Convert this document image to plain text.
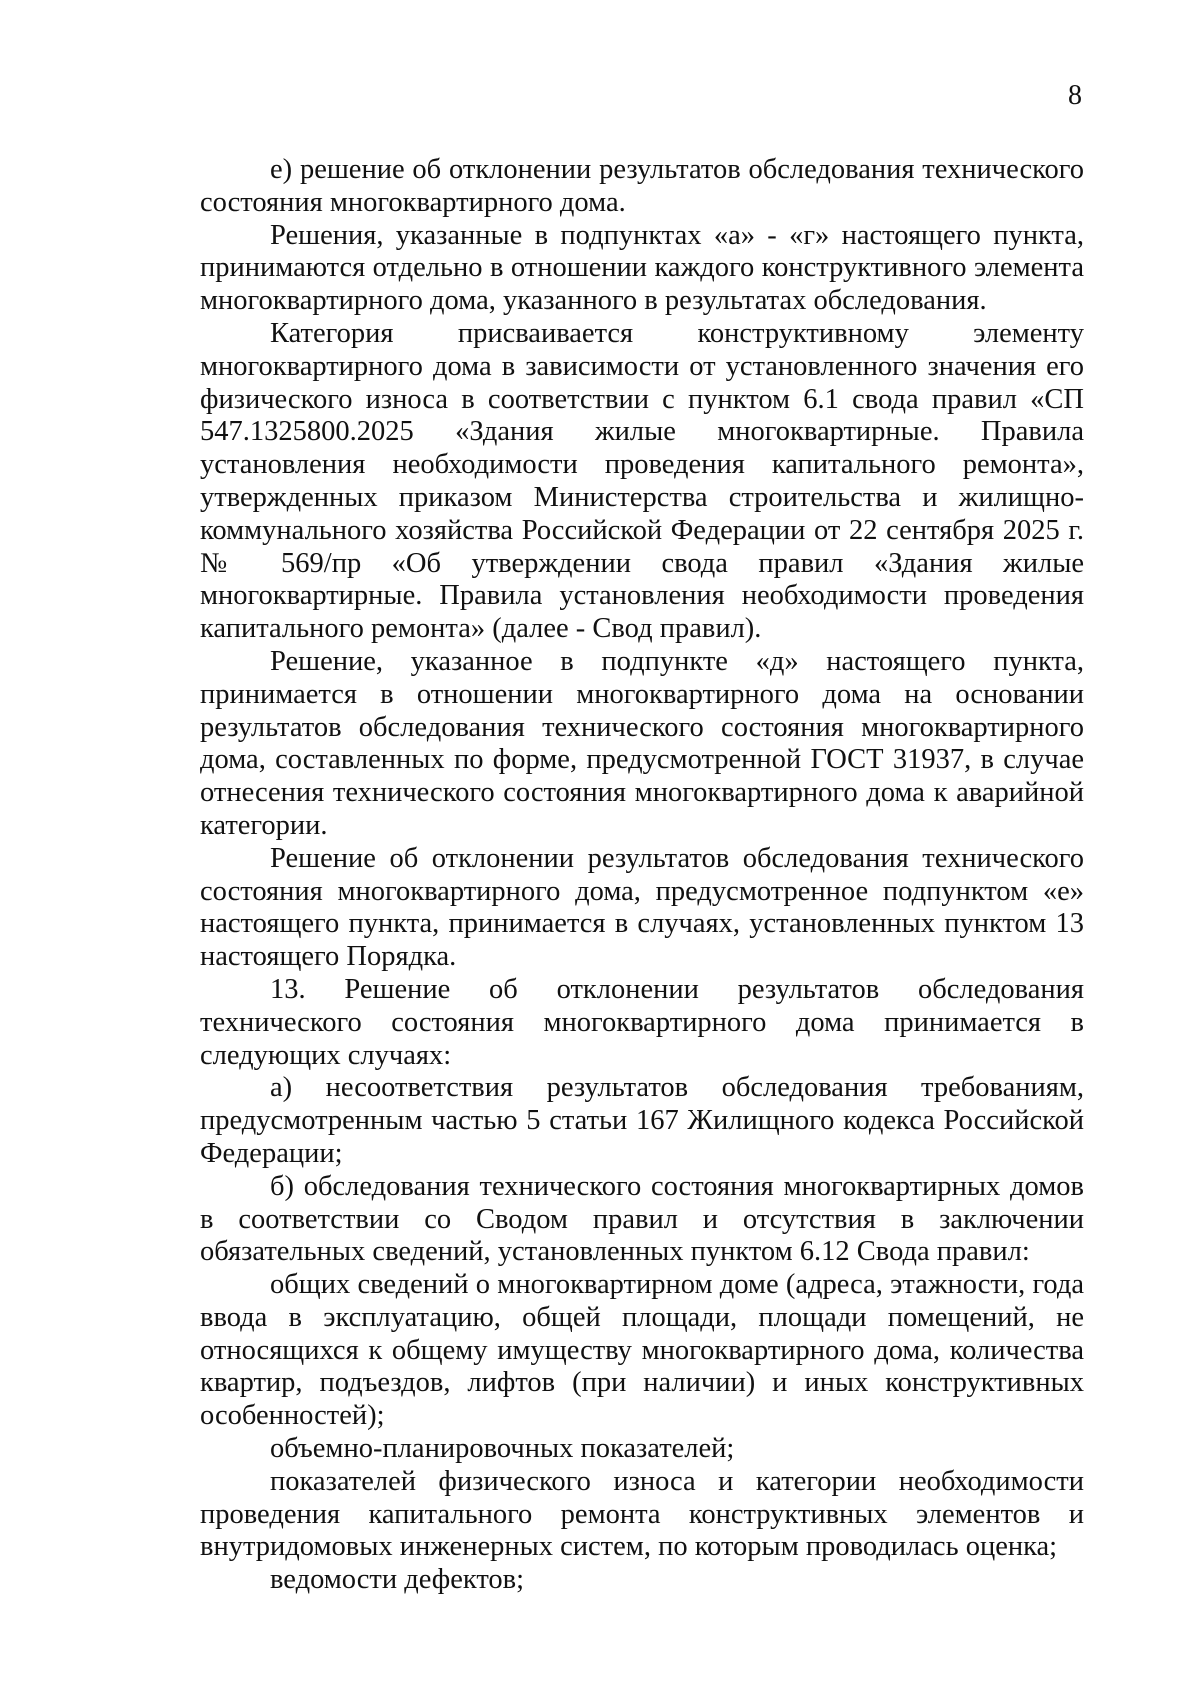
8

е) решение об отклонении результатов обследования технического состояния многоквартирного дома.

Решения, указанные в подпунктах «а» - «г» настоящего пункта, принимаются отдельно в отношении каждого конструктивного элемента многоквартирного дома, указанного в результатах обследования.

Категория присваивается конструктивному элементу многоквартирного дома в зависимости от установленного значения его физического износа в соответствии с пунктом 6.1 свода правил «СП 547.1325800.2025 «Здания жилые многоквартирные. Правила установления необходимости проведения капитального ремонта», утвержденных приказом Министерства строительства и жилищно-коммунального хозяйства Российской Федерации от 22 сентября 2025 г. № 569/пр «Об утверждении свода правил «Здания жилые многоквартирные. Правила установления необходимости проведения капитального ремонта» (далее - Свод правил).

Решение, указанное в подпункте «д» настоящего пункта, принимается в отношении многоквартирного дома на основании результатов обследования технического состояния многоквартирного дома, составленных по форме, предусмотренной ГОСТ 31937, в случае отнесения технического состояния многоквартирного дома к аварийной категории.

Решение об отклонении результатов обследования технического состояния многоквартирного дома, предусмотренное подпунктом «е» настоящего пункта, принимается в случаях, установленных пунктом 13 настоящего Порядка.

13. Решение об отклонении результатов обследования технического состояния многоквартирного дома принимается в следующих случаях:

а) несоответствия результатов обследования требованиям, предусмотренным частью 5 статьи 167 Жилищного кодекса Российской Федерации;

б) обследования технического состояния многоквартирных домов в соответствии со Сводом правил и отсутствия в заключении обязательных сведений, установленных пунктом 6.12 Свода правил:

общих сведений о многоквартирном доме (адреса, этажности, года ввода в эксплуатацию, общей площади, площади помещений, не относящихся к общему имуществу многоквартирного дома, количества квартир, подъездов, лифтов (при наличии) и иных конструктивных особенностей);

объемно-планировочных показателей;

показателей физического износа и категории необходимости проведения капитального ремонта конструктивных элементов и внутридомовых инженерных систем, по которым проводилась оценка;

ведомости дефектов;
